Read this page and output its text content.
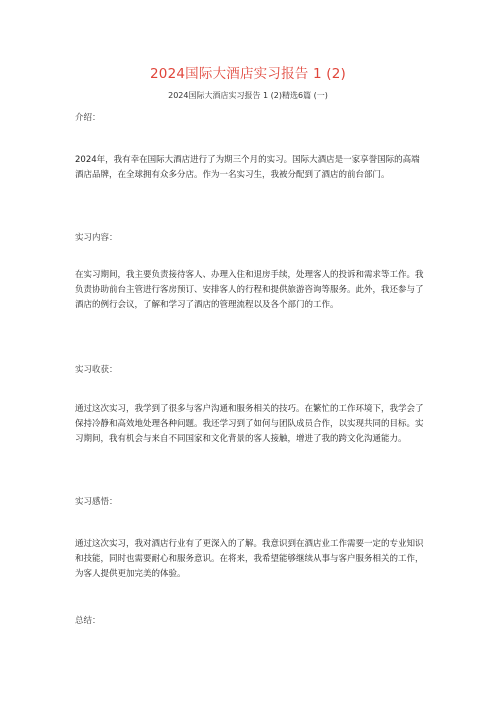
2024国际大酒店实习报告 1 (2)
2024国际大酒店实习报告 1 (2)精选6篇 (一)
介绍：
2024年，我有幸在国际大酒店进行了为期三个月的实习。国际大酒店是一家享誉国际的高端酒店品牌，在全球拥有众多分店。作为一名实习生，我被分配到了酒店的前台部门。
实习内容：
在实习期间，我主要负责接待客人、办理入住和退房手续，处理客人的投诉和需求等工作。我负责协助前台主管进行客房预订、安排客人的行程和提供旅游咨询等服务。此外，我还参与了酒店的例行会议，了解和学习了酒店的管理流程以及各个部门的工作。
实习收获：
通过这次实习，我学到了很多与客户沟通和服务相关的技巧。在繁忙的工作环境下，我学会了保持冷静和高效地处理各种问题。我还学习到了如何与团队成员合作，以实现共同的目标。实习期间，我有机会与来自不同国家和文化背景的客人接触，增进了我的跨文化沟通能力。
实习感悟：
通过这次实习，我对酒店行业有了更深入的了解。我意识到在酒店业工作需要一定的专业知识和技能，同时也需要耐心和服务意识。在将来，我希望能够继续从事与客户服务相关的工作，为客人提供更加完美的体验。
总结：
